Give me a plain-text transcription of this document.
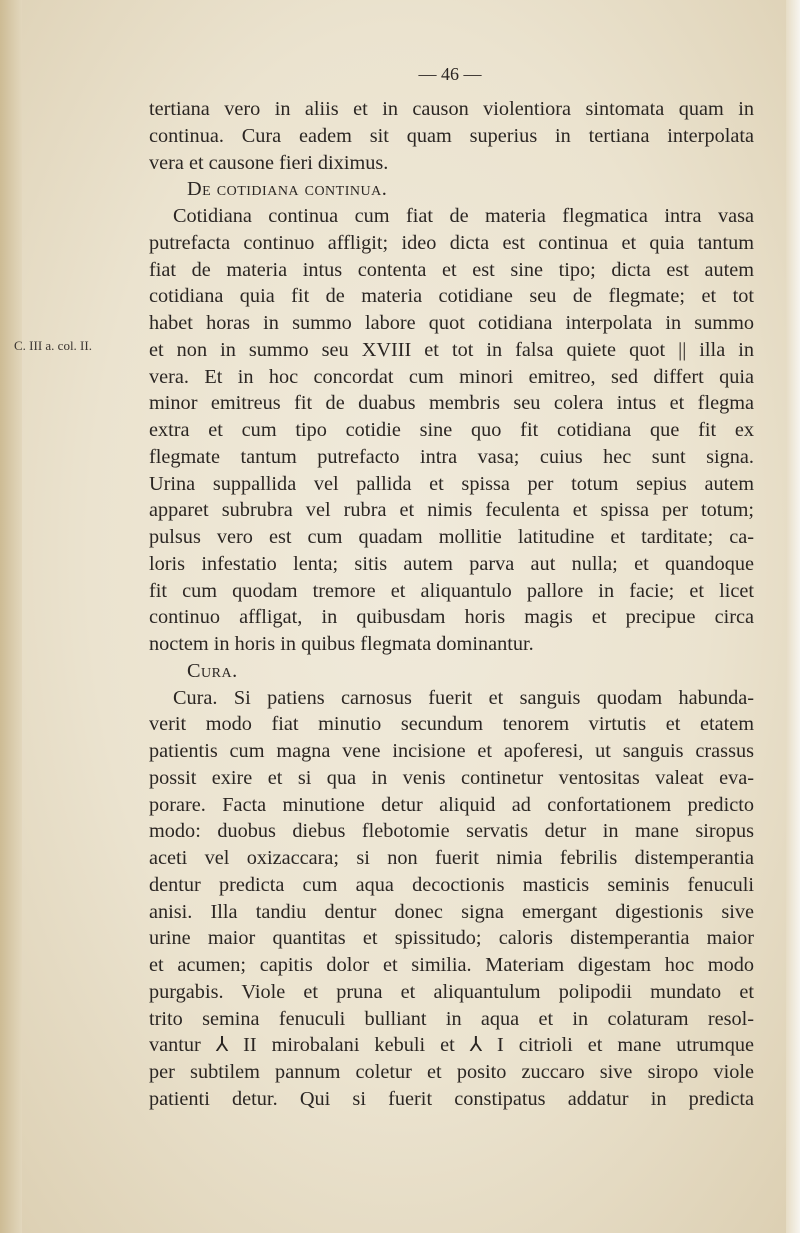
— 46 —
C. III a. col. II.
tertiana vero in aliis et in causon violentiora sintomata quam in
continua. Cura eadem sit quam superius in tertiana interpolata
vera et causone fieri diximus.
De cotidiana continua.
Cotidiana continua cum fiat de materia flegmatica intra vasa
putrefacta continuo affligit; ideo dicta est continua et quia tantum
fiat de materia intus contenta et est sine tipo; dicta est autem
cotidiana quia fit de materia cotidiane seu de flegmate; et tot
habet horas in summo labore quot cotidiana interpolata in summo
et non in summo seu XVIII et tot in falsa quiete quot || illa in
vera. Et in hoc concordat cum minori emitreo, sed differt quia
minor emitreus fit de duabus membris seu colera intus et flegma
extra et cum tipo cotidie sine quo fit cotidiana que fit ex
flegmate tantum putrefacto intra vasa; cuius hec sunt signa.
Urina suppallida vel pallida et spissa per totum sepius autem
apparet subrubra vel rubra et nimis feculenta et spissa per totum;
pulsus vero est cum quadam mollitie latitudine et tarditate; ca-
loris infestatio lenta; sitis autem parva aut nulla; et quandoque
fit cum quodam tremore et aliquantulo pallore in facie; et licet
continuo affligat, in quibusdam horis magis et precipue circa
noctem in horis in quibus flegmata dominantur.
Cura.
Cura. Si patiens carnosus fuerit et sanguis quodam habunda-
verit modo fiat minutio secundum tenorem virtutis et etatem
patientis cum magna vene incisione et apoferesi, ut sanguis crassus
possit exire et si qua in venis continetur ventositas valeat eva-
porare. Facta minutione detur aliquid ad confortationem predicto
modo: duobus diebus flebotomie servatis detur in mane siropus
aceti vel oxizaccara; si non fuerit nimia febrilis distemperantia
dentur predicta cum aqua decoctionis masticis seminis fenuculi
anisi. Illa tandiu dentur donec signa emergant digestionis sive
urine maior quantitas et spissitudo; caloris distemperantia maior
et acumen; capitis dolor et similia. Materiam digestam hoc modo
purgabis. Viole et pruna et aliquantulum polipodii mundato et
trito semina fenuculi bulliant in aqua et in colaturam resol-
vantur ⅄ II mirobalani kebuli et ⅄ I citrioli et mane utrumque
per subtilem pannum coletur et posito zuccaro sive siropo viole
patienti detur. Qui si fuerit constipatus addatur in predicta
